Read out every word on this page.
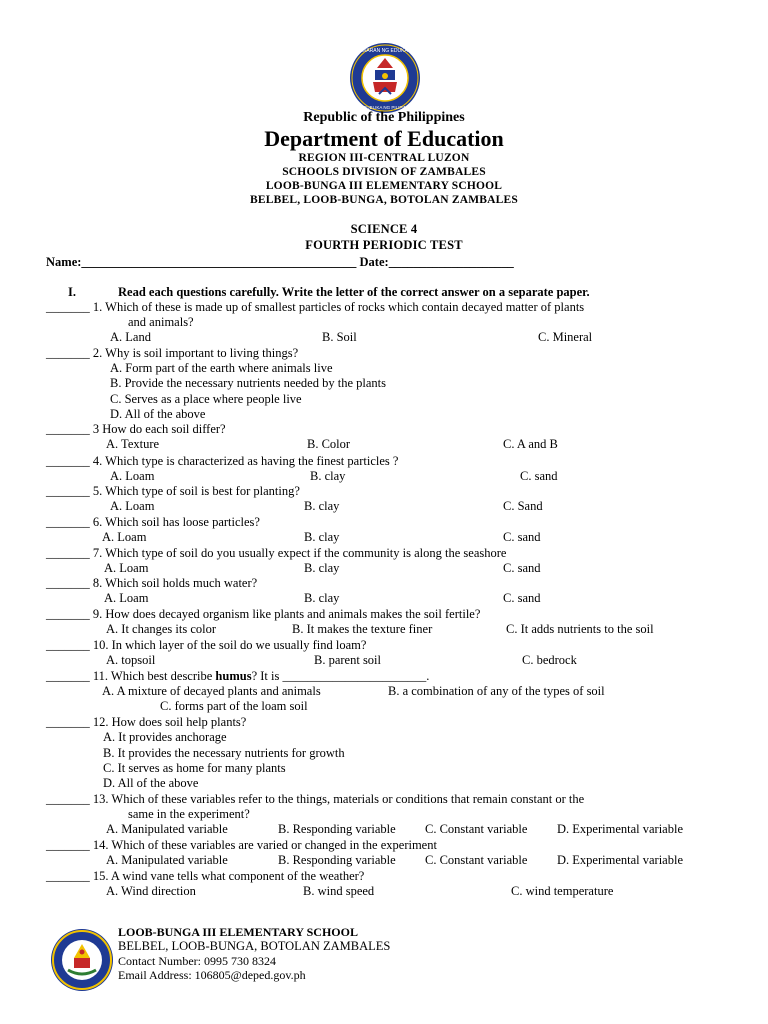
KAGAWARAN NG EDUKASYON
REPUBLIKA NG PILIPINAS
Republic of the Philippines
Department of Education
REGION III-CENTRAL LUZON
SCHOOLS DIVISION OF ZAMBALES
LOOB-BUNGA III ELEMENTARY SCHOOL
BELBEL, LOOB-BUNGA, BOTOLAN ZAMBALES
SCIENCE 4
FOURTH PERIODIC TEST
Name:____________________________________________ Date:____________________
I.	Read each questions carefully. Write the letter of the correct answer on a separate paper.
_______ 1. Which of these is made up of smallest particles of rocks which contain decayed matter of plants
and animals?
A. Land	B. Soil	C. Mineral
_______ 2. Why is soil important to living things?
A. Form part of the earth where animals live
B. Provide the necessary nutrients needed by the plants
C. Serves as a place where people live
D. All of the above
_______ 3 How do each soil differ?
A. Texture	B. Color	C. A and B
_______ 4. Which type is characterized as having the finest particles ?
A. Loam	B. clay	C. sand
_______ 5. Which type of soil is best for planting?
A. Loam	B. clay	C. Sand
_______ 6. Which soil has loose particles?
A. Loam	B. clay	C. sand
_______ 7. Which type of soil do you usually expect if the community is along the seashore
A. Loam	B. clay	C. sand
_______ 8. Which soil holds much water?
A. Loam	B. clay	C. sand
_______ 9. How does decayed organism like plants and animals makes the soil fertile?
A. It changes its color	B. It makes the texture finer	C. It adds nutrients to the soil
_______ 10. In which layer of the soil do we usually find loam?
A. topsoil	B. parent soil	C. bedrock
_______ 11. Which best describe humus? It is _______________________.
A. A mixture of decayed plants and animals	B. a combination of any of the types of soil
C. forms part of the loam soil
_______ 12. How does soil help plants?
A. It provides anchorage
B. It provides the necessary nutrients for growth
C. It serves as home for many plants
D. All of the above
_______ 13. Which of these variables refer to the things, materials or conditions that remain constant or the
same in the experiment?
A. Manipulated variable	B. Responding variable C. Constant variable D. Experimental variable
_______ 14. Which of these variables are varied or changed in the experiment
A. Manipulated variable	B. Responding variable C. Constant variable D. Experimental variable
_______ 15. A wind vane tells what component of the weather?
A. Wind direction	B. wind speed	C. wind temperature
LOOB-BUNGA III ELEMENTARY SCHOOL
BELBEL, LOOB-BUNGA, BOTOLAN ZAMBALES
Contact Number: 0995 730 8324
Email Address: 106805@deped.gov.ph
